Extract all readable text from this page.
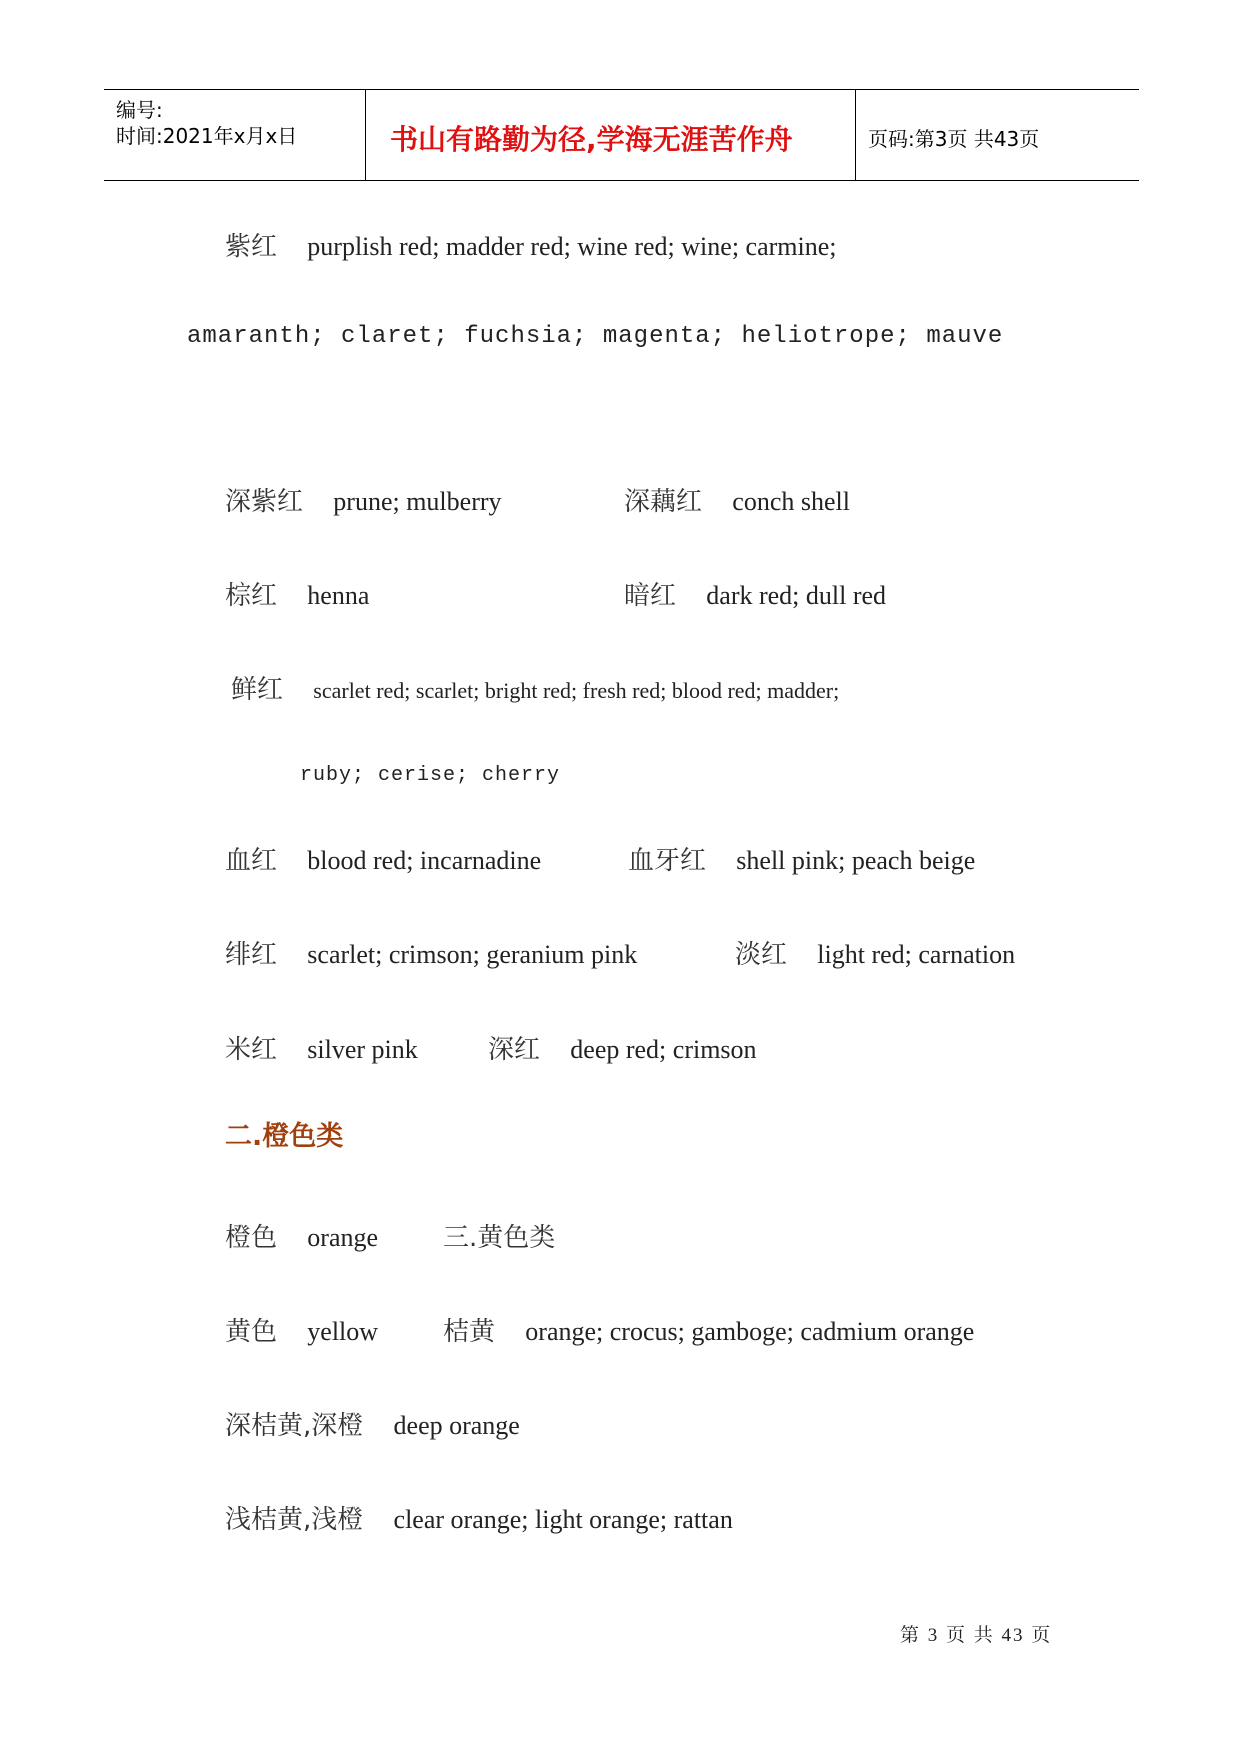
编号:
时间:2021年x月x日	书山有路勤为径,学海无涯苦作舟	页码:第3页 共43页
紫红 purplish red; madder red; wine red; wine; carmine;
amaranth; claret; fuchsia; magenta; heliotrope; mauve
深紫红 prune; mulberry	深藕红 conch shell
棕红 henna	暗红 dark red; dull red
鲜红 scarlet red; scarlet; bright red; fresh red; blood red; madder;
ruby; cerise; cherry
血红 blood red; incarnadine	血牙红 shell pink; peach beige
绯红 scarlet; crimson; geranium pink	淡红 light red; carnation
米红 silver pink	深红 deep red; crimson
二.橙色类
橙色 orange 三.黄色类
黄色 yellow 桔黄 orange; crocus; gamboge; cadmium orange
深桔黄,深橙 deep orange
浅桔黄,浅橙 clear orange; light orange; rattan
第 3 页 共 43 页
